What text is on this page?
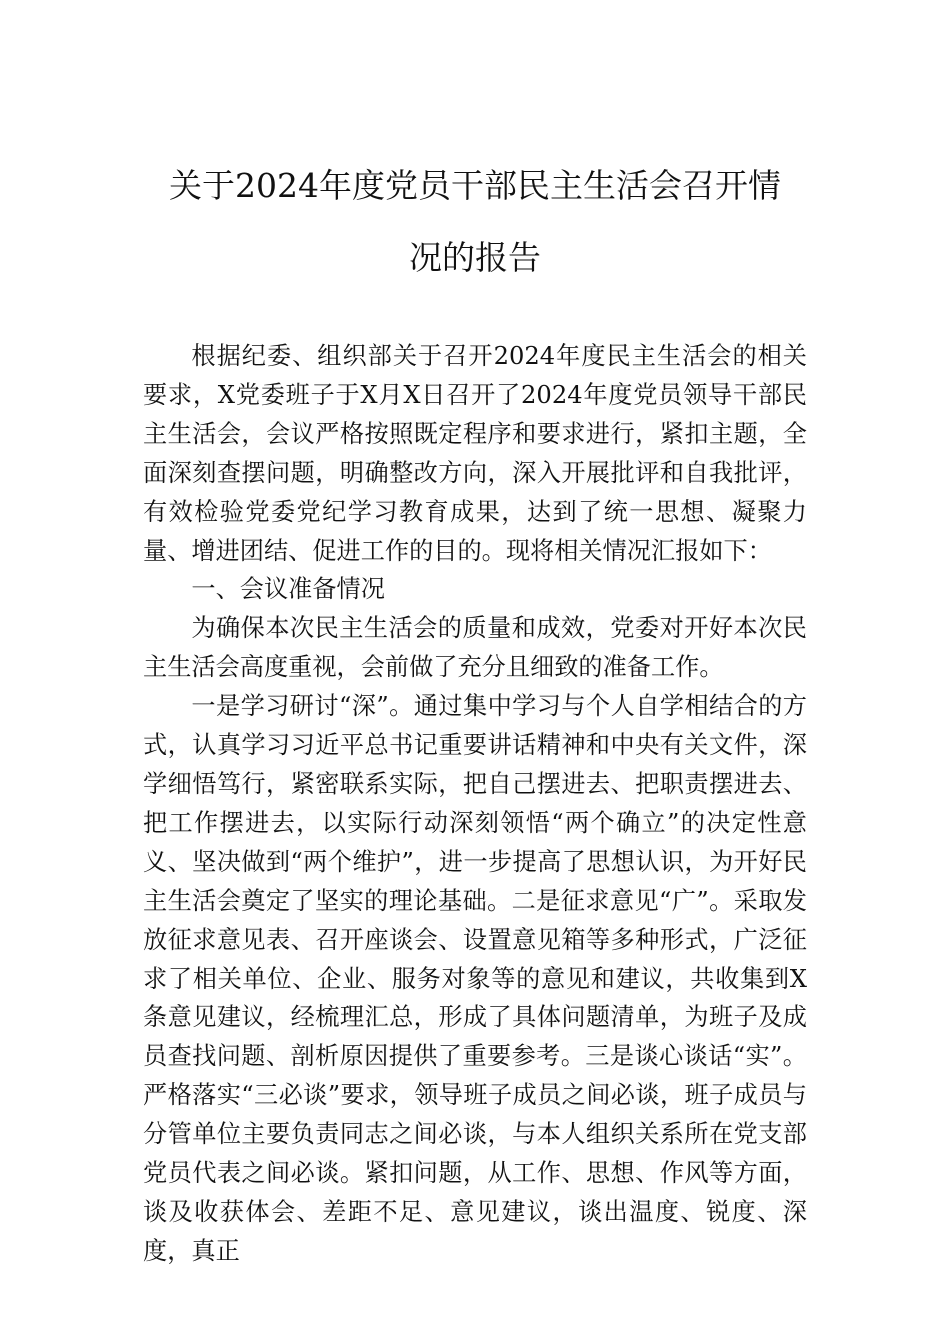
关于2024年度党员干部民主生活会召开情
况的报告

根据纪委、组织部关于召开2024年度民主生活会的相关要求，X党委班子于X月X日召开了2024年度党员领导干部民主生活会，会议严格按照既定程序和要求进行，紧扣主题，全面深刻查摆问题，明确整改方向，深入开展批评和自我批评，有效检验党委党纪学习教育成果，达到了统一思想、凝聚力量、增进团结、促进工作的目的。现将相关情况汇报如下：

一、会议准备情况

为确保本次民主生活会的质量和成效，党委对开好本次民主生活会高度重视，会前做了充分且细致的准备工作。

一是学习研讨“深”。通过集中学习与个人自学相结合的方式，认真学习习近平总书记重要讲话精神和中央有关文件，深学细悟笃行，紧密联系实际，把自己摆进去、把职责摆进去、把工作摆进去，以实际行动深刻领悟“两个确立”的决定性意义、坚决做到“两个维护”，进一步提高了思想认识，为开好民主生活会奠定了坚实的理论基础。二是征求意见“广”。采取发放征求意见表、召开座谈会、设置意见箱等多种形式，广泛征求了相关单位、企业、服务对象等的意见和建议，共收集到X条意见建议，经梳理汇总，形成了具体问题清单，为班子及成员查找问题、剖析原因提供了重要参考。三是谈心谈话“实”。严格落实“三必谈”要求，领导班子成员之间必谈，班子成员与分管单位主要负责同志之间必谈，与本人组织关系所在党支部党员代表之间必谈。紧扣问题，从工作、思想、作风等方面，谈及收获体会、差距不足、意见建议，谈出温度、锐度、深度，真正
